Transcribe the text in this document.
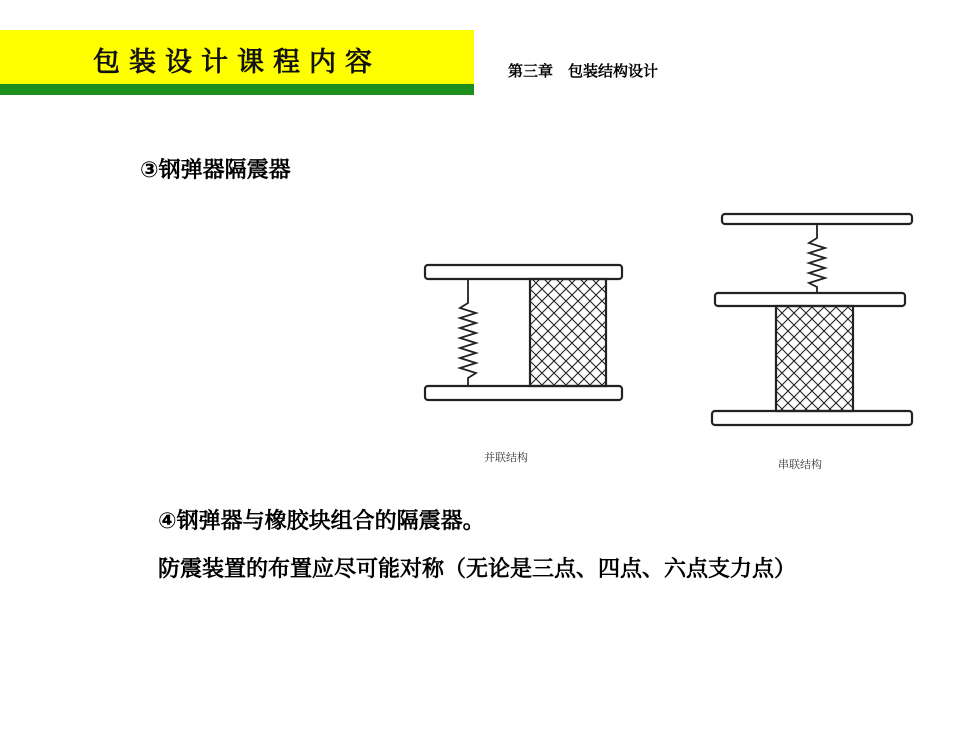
包装设计课程内容	第三章　包装结构设计
③钢弹器隔震器
并联结构
串联结构
④钢弹器与橡胶块组合的隔震器。
防震装置的布置应尽可能对称（无论是三点、四点、六点支力点）
